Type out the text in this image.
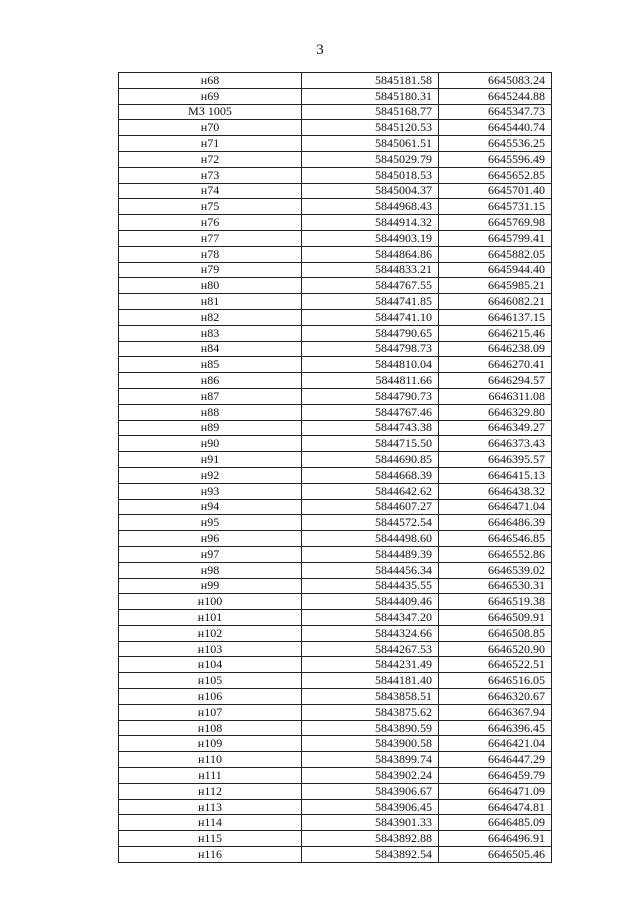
3
н68	5845181.58	6645083.24
н69	5845180.31	6645244.88
МЗ 1005	5845168.77	6645347.73
н70	5845120.53	6645440.74
н71	5845061.51	6645536.25
н72	5845029.79	6645596.49
н73	5845018.53	6645652.85
н74	5845004.37	6645701.40
н75	5844968.43	6645731.15
н76	5844914.32	6645769.98
н77	5844903.19	6645799.41
н78	5844864.86	6645882.05
н79	5844833.21	6645944.40
н80	5844767.55	6645985.21
н81	5844741.85	6646082.21
н82	5844741.10	6646137.15
н83	5844790.65	6646215.46
н84	5844798.73	6646238.09
н85	5844810.04	6646270.41
н86	5844811.66	6646294.57
н87	5844790.73	6646311.08
н88	5844767.46	6646329.80
н89	5844743.38	6646349.27
н90	5844715.50	6646373.43
н91	5844690.85	6646395.57
н92	5844668.39	6646415.13
н93	5844642.62	6646438.32
н94	5844607.27	6646471.04
н95	5844572.54	6646486.39
н96	5844498.60	6646546.85
н97	5844489.39	6646552.86
н98	5844456.34	6646539.02
н99	5844435.55	6646530.31
н100	5844409.46	6646519.38
н101	5844347.20	6646509.91
н102	5844324.66	6646508.85
н103	5844267.53	6646520.90
н104	5844231.49	6646522.51
н105	5844181.40	6646516.05
н106	5843858.51	6646320.67
н107	5843875.62	6646367.94
н108	5843890.59	6646396.45
н109	5843900.58	6646421.04
н110	5843899.74	6646447.29
н111	5843902.24	6646459.79
н112	5843906.67	6646471.09
н113	5843906.45	6646474.81
н114	5843901.33	6646485.09
н115	5843892.88	6646496.91
н116	5843892.54	6646505.46
